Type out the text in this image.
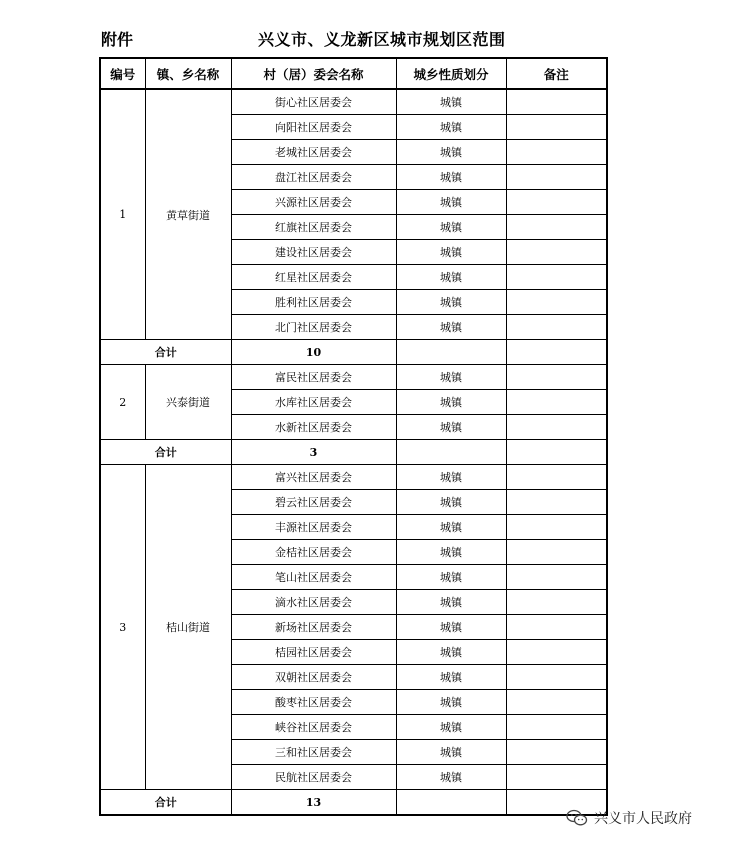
附件	兴义市、义龙新区城市规划区范围
编号	镇、乡名称	村（居）委会名称	城乡性质划分	备注
1	黄草街道	街心社区居委会	城镇	
		向阳社区居委会	城镇	
		老城社区居委会	城镇	
		盘江社区居委会	城镇	
		兴源社区居委会	城镇	
		红旗社区居委会	城镇	
		建设社区居委会	城镇	
		红星社区居委会	城镇	
		胜利社区居委会	城镇	
		北门社区居委会	城镇	
合计		10		
2	兴泰街道	富民社区居委会	城镇	
		水库社区居委会	城镇	
		水新社区居委会	城镇	
合计		3		
3	桔山街道	富兴社区居委会	城镇	
		碧云社区居委会	城镇	
		丰源社区居委会	城镇	
		金桔社区居委会	城镇	
		笔山社区居委会	城镇	
		滴水社区居委会	城镇	
		新场社区居委会	城镇	
		桔园社区居委会	城镇	
		双朝社区居委会	城镇	
		酸枣社区居委会	城镇	
		峡谷社区居委会	城镇	
		三和社区居委会	城镇	
		民航社区居委会	城镇	
合计		13		
兴义市人民政府
